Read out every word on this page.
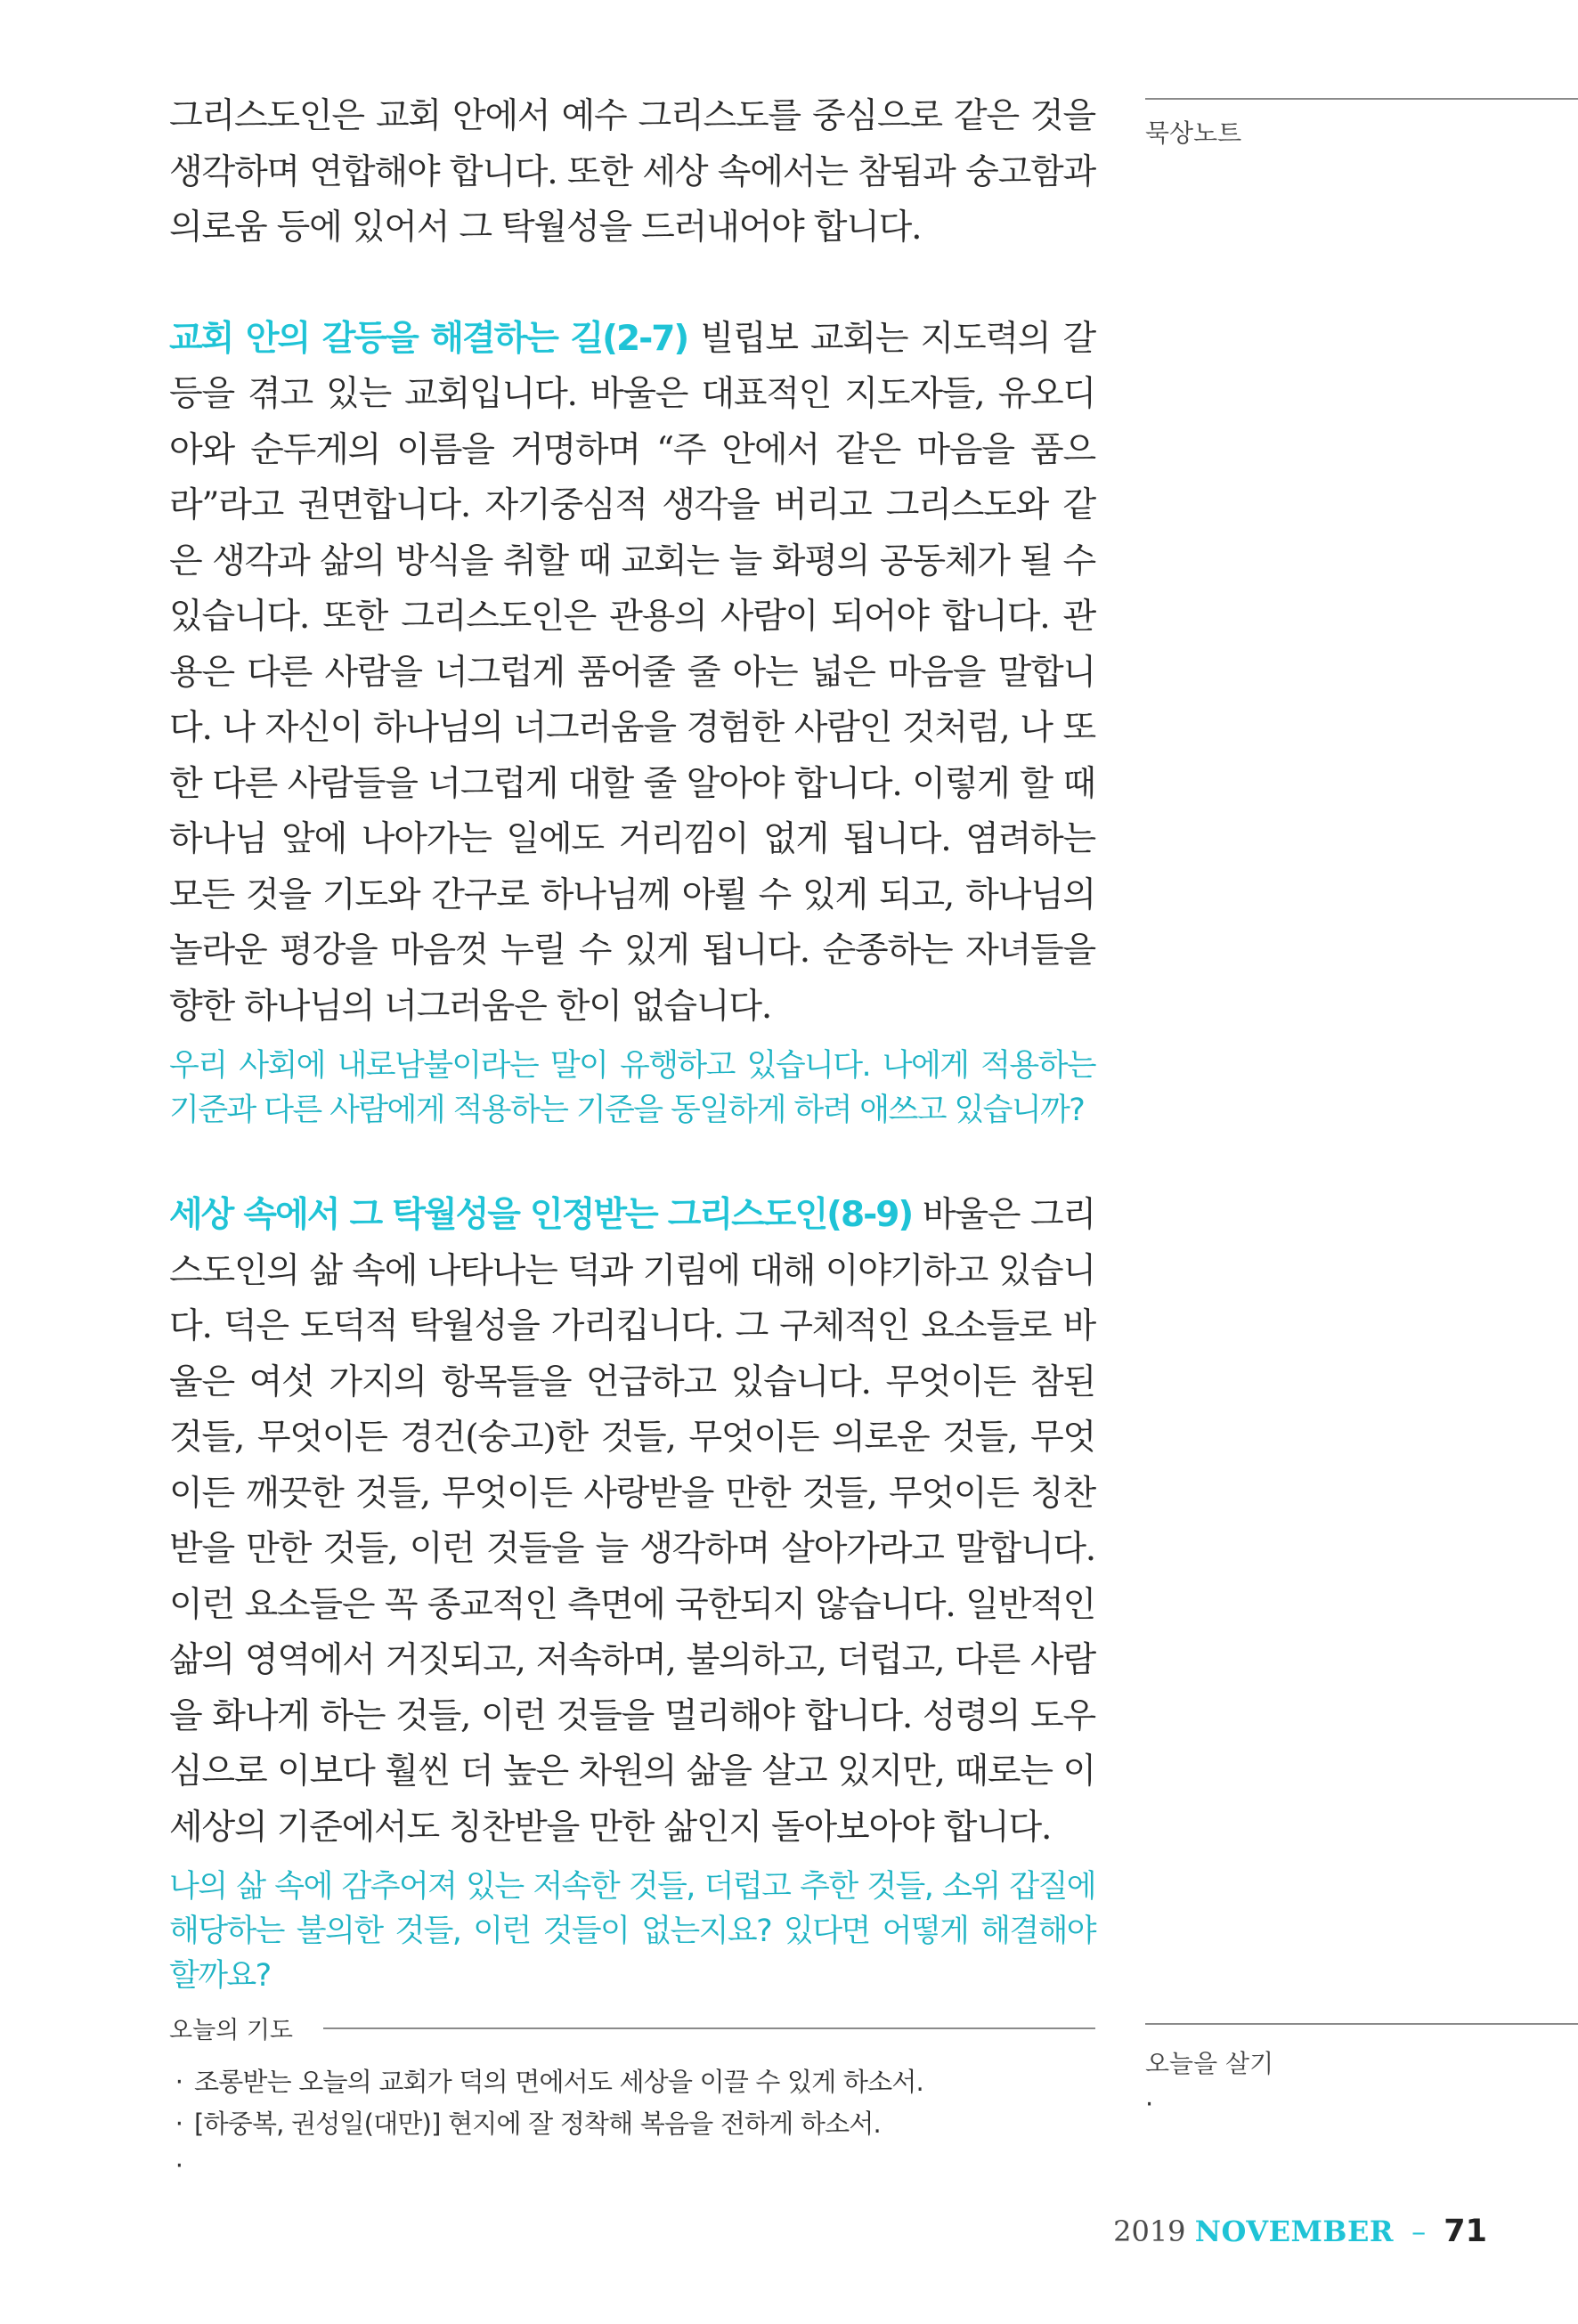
그리스도인은 교회 안에서 예수 그리스도를 중심으로 같은 것을 생각하며 연합해야 합니다. 또한 세상 속에서는 참됨과 숭고함과 의로움 등에 있어서 그 탁월성을 드러내어야 합니다.

교회 안의 갈등을 해결하는 길(2-7) 빌립보 교회는 지도력의 갈등을 겪고 있는 교회입니다. 바울은 대표적인 지도자들, 유오디아와 순두게의 이름을 거명하며 “주 안에서 같은 마음을 품으라”라고 권면합니다. 자기중심적 생각을 버리고 그리스도와 같은 생각과 삶의 방식을 취할 때 교회는 늘 화평의 공동체가 될 수 있습니다. 또한 그리스도인은 관용의 사람이 되어야 합니다. 관용은 다른 사람을 너그럽게 품어줄 줄 아는 넓은 마음을 말합니다. 나 자신이 하나님의 너그러움을 경험한 사람인 것처럼, 나 또한 다른 사람들을 너그럽게 대할 줄 알아야 합니다. 이렇게 할 때 하나님 앞에 나아가는 일에도 거리낌이 없게 됩니다. 염려하는 모든 것을 기도와 간구로 하나님께 아뢸 수 있게 되고, 하나님의 놀라운 평강을 마음껏 누릴 수 있게 됩니다. 순종하는 자녀들을 향한 하나님의 너그러움은 한이 없습니다.

우리 사회에 내로남불이라는 말이 유행하고 있습니다. 나에게 적용하는 기준과 다른 사람에게 적용하는 기준을 동일하게 하려 애쓰고 있습니까?

세상 속에서 그 탁월성을 인정받는 그리스도인(8-9) 바울은 그리스도인의 삶 속에 나타나는 덕과 기림에 대해 이야기하고 있습니다. 덕은 도덕적 탁월성을 가리킵니다. 그 구체적인 요소들로 바울은 여섯 가지의 항목들을 언급하고 있습니다. 무엇이든 참된 것들, 무엇이든 경건(숭고)한 것들, 무엇이든 의로운 것들, 무엇이든 깨끗한 것들, 무엇이든 사랑받을 만한 것들, 무엇이든 칭찬받을 만한 것들, 이런 것들을 늘 생각하며 살아가라고 말합니다. 이런 요소들은 꼭 종교적인 측면에 국한되지 않습니다. 일반적인 삶의 영역에서 거짓되고, 저속하며, 불의하고, 더럽고, 다른 사람을 화나게 하는 것들, 이런 것들을 멀리해야 합니다. 성령의 도우심으로 이보다 훨씬 더 높은 차원의 삶을 살고 있지만, 때로는 이 세상의 기준에서도 칭찬받을 만한 삶인지 돌아보아야 합니다.

나의 삶 속에 감추어져 있는 저속한 것들, 더럽고 추한 것들, 소위 갑질에 해당하는 불의한 것들, 이런 것들이 없는지요? 있다면 어떻게 해결해야 할까요?

묵상노트
오늘을 살기
·
오늘의 기도
· 조롱받는 오늘의 교회가 덕의 면에서도 세상을 이끌 수 있게 하소서.
· [하중복, 권성일(대만)] 현지에 잘 정착해 복음을 전하게 하소서.
·
2019 NOVEMBER – 71
